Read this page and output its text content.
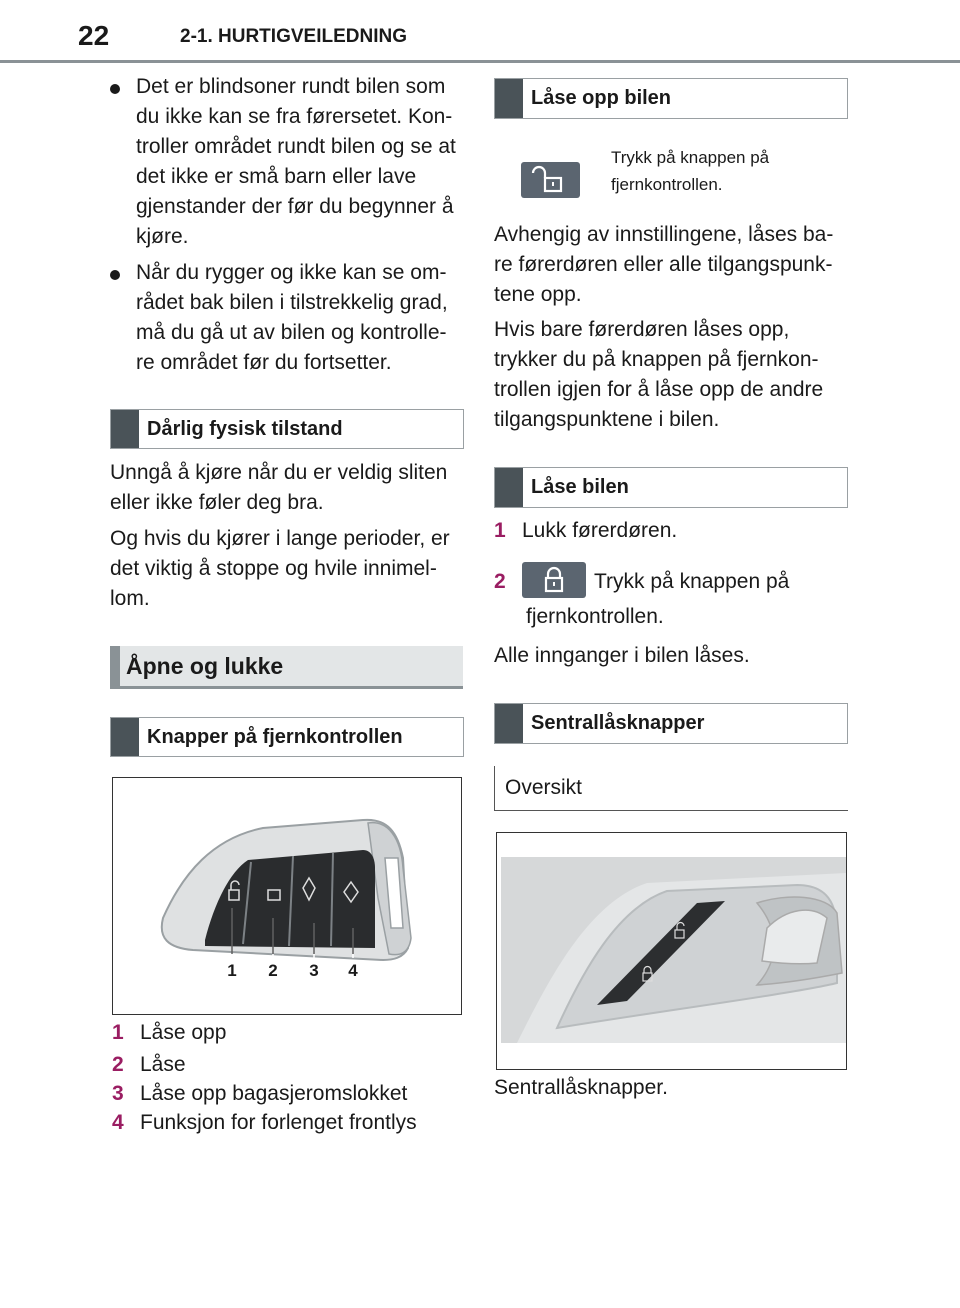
22	2-1. HURTIGVEILEDNING
Det er blindsoner rundt bilen som du ikke kan se fra førersetet. Kon-troller området rundt bilen og se at det ikke er små barn eller lave gjenstander der før du begynner å kjøre.
Når du rygger og ikke kan se om-rådet bak bilen i tilstrekkelig grad, må du gå ut av bilen og kontrolle-re området før du fortsetter.
Dårlig fysisk tilstand
Unngå å kjøre når du er veldig sliten eller ikke føler deg bra.
Og hvis du kjører i lange perioder, er det viktig å stoppe og hvile innimel-lom.
Åpne og lukke
Knapper på fjernkontrollen
1 2 3 4
1 Låse opp
2 Låse
3 Låse opp bagasjeromslokket
4 Funksjon for forlenget frontlys
Låse opp bilen
Trykk på knappen på fjernkontrollen.
Avhengig av innstillingene, låses ba-re førerdøren eller alle tilgangspunk-tene opp.
Hvis bare førerdøren låses opp, trykker du på knappen på fjernkon-trollen igjen for å låse opp de andre tilgangspunktene i bilen.
Låse bilen
1 Lukk førerdøren.
2	Trykk på knappen på
fjernkontrollen.
Alle innganger i bilen låses.
Sentrallåsknapper
Oversikt
Sentrallåsknapper.
